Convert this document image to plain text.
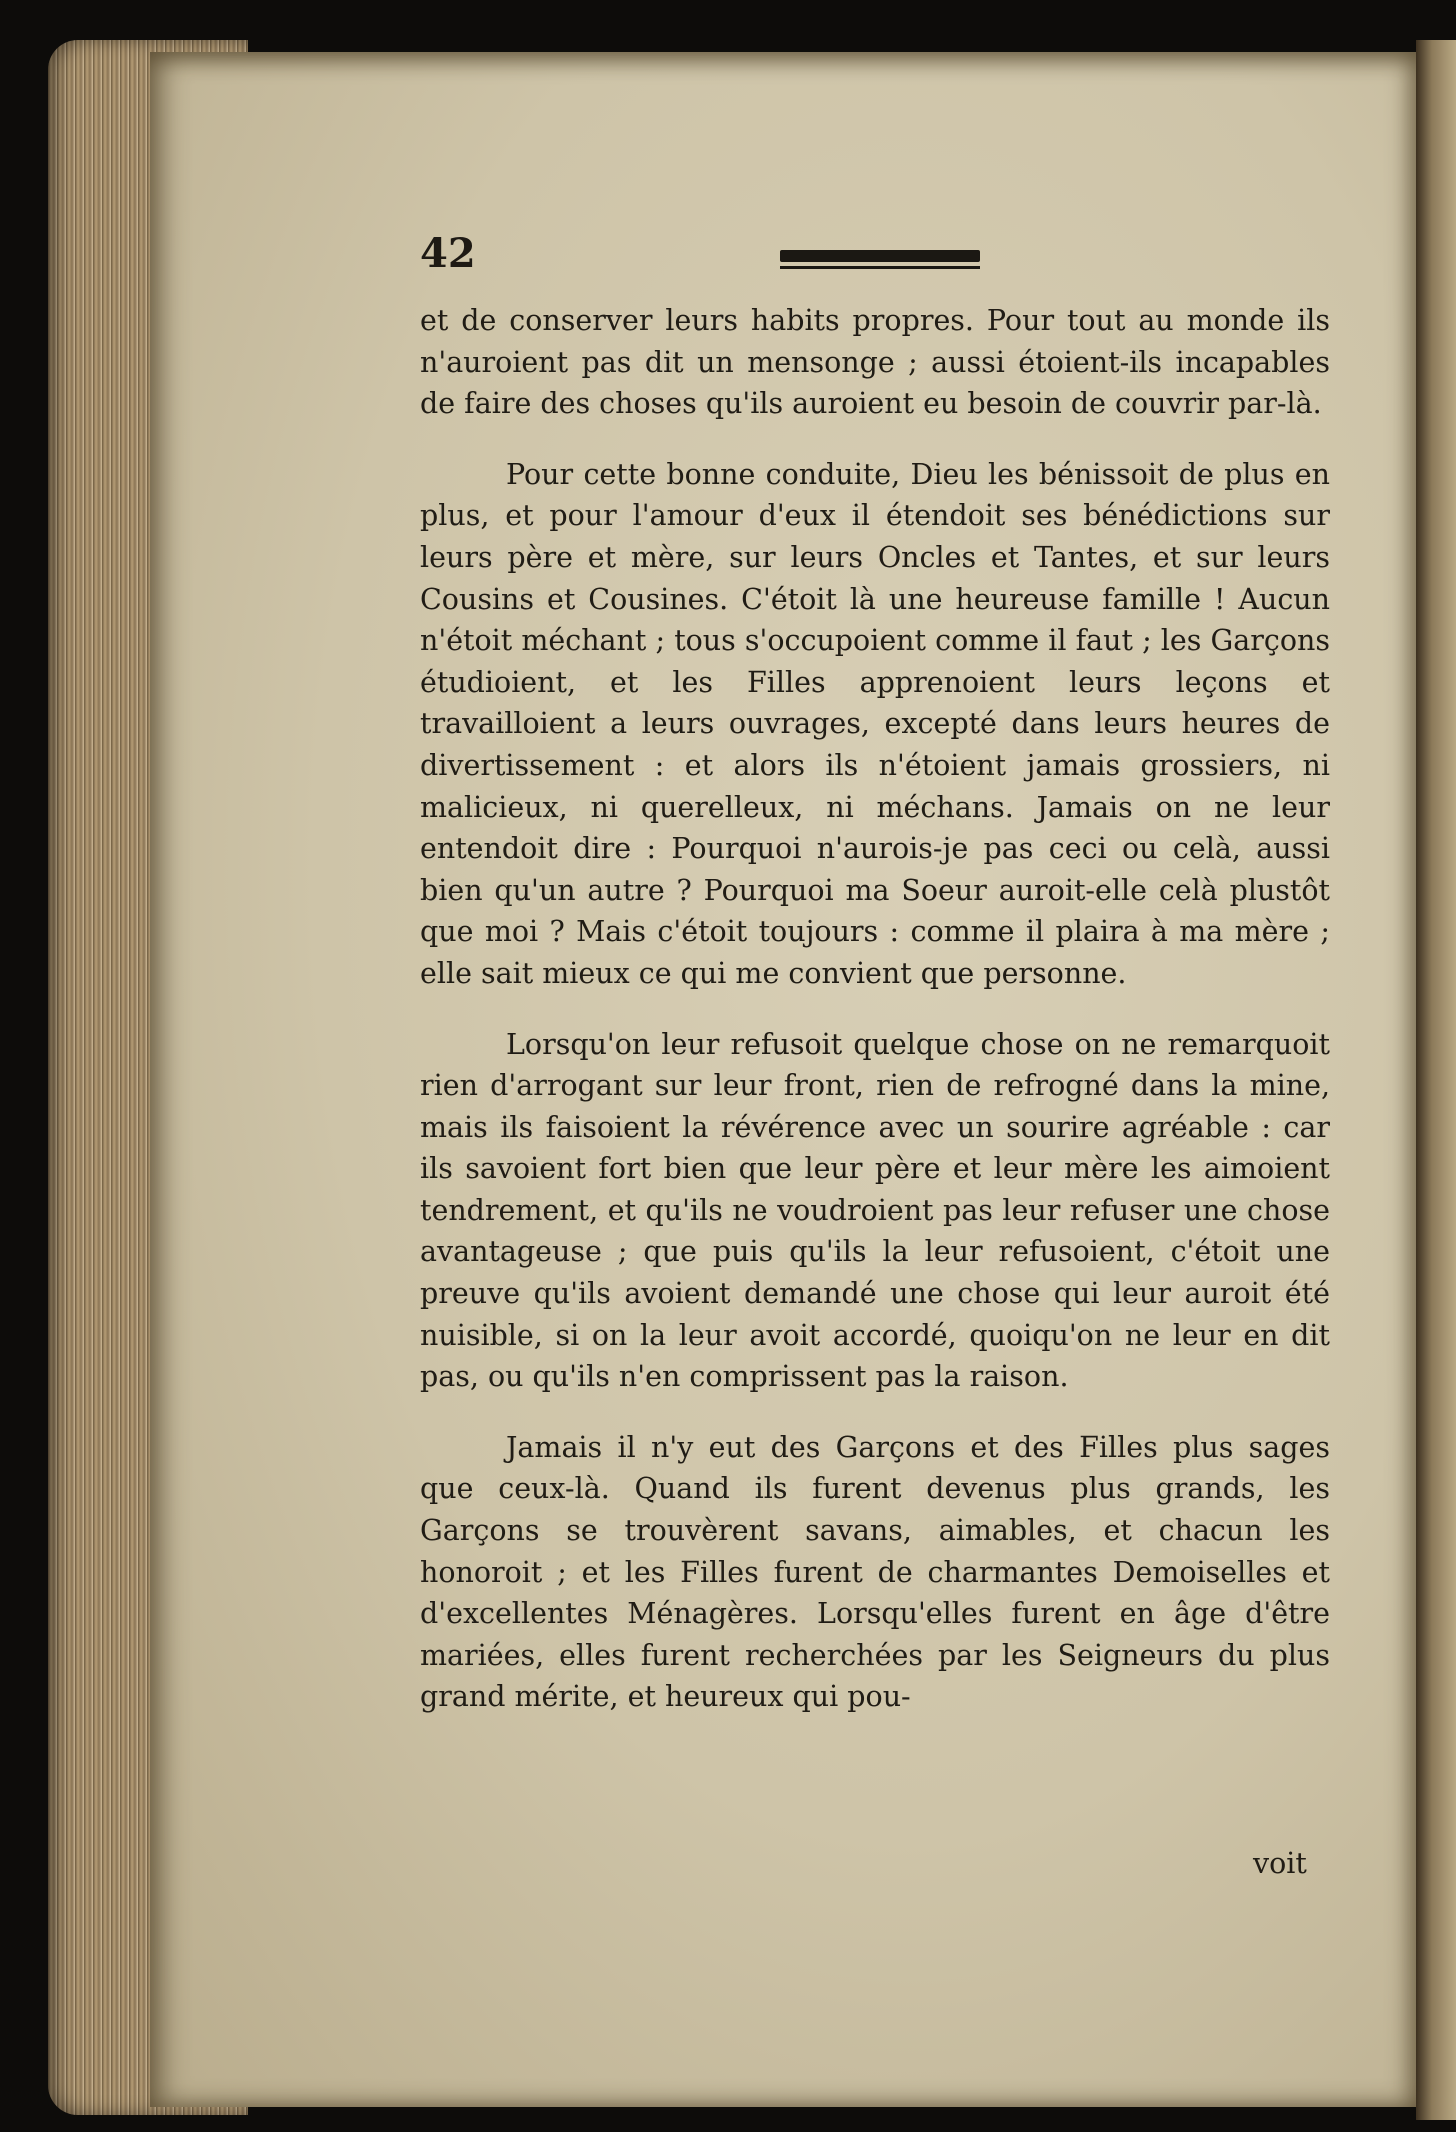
42

et de conserver leurs habits propres. Pour tout au monde ils n'auroient pas dit un mensonge ; aussi étoient-ils incapables de faire des choses qu'ils auroient eu besoin de couvrir par-là.

Pour cette bonne conduite, Dieu les bénissoit de plus en plus, et pour l'amour d'eux il étendoit ses bénédictions sur leurs père et mère, sur leurs Oncles et Tantes, et sur leurs Cousins et Cousines. C'étoit là une heureuse famille ! Aucun n'étoit méchant ; tous s'occupoient comme il faut ; les Garçons étudioient, et les Filles apprenoient leurs leçons et travailloient a leurs ouvrages, excepté dans leurs heures de divertissement : et alors ils n'étoient jamais grossiers, ni malicieux, ni querelleux, ni méchans. Jamais on ne leur entendoit dire : Pourquoi n'aurois-je pas ceci ou celà, aussi bien qu'un autre ? Pourquoi ma Soeur auroit-elle celà plustôt que moi ? Mais c'étoit toujours : comme il plaira à ma mère ; elle sait mieux ce qui me convient que personne.

Lorsqu'on leur refusoit quelque chose on ne remarquoit rien d'arrogant sur leur front, rien de refrogné dans la mine, mais ils faisoient la révérence avec un sourire agréable : car ils savoient fort bien que leur père et leur mère les aimoient tendrement, et qu'ils ne voudroient pas leur refuser une chose avantageuse ; que puis qu'ils la leur refusoient, c'étoit une preuve qu'ils avoient demandé une chose qui leur auroit été nuisible, si on la leur avoit accordé, quoiqu'on ne leur en dit pas, ou qu'ils n'en comprissent pas la raison.

Jamais il n'y eut des Garçons et des Filles plus sages que ceux-là. Quand ils furent devenus plus grands, les Garçons se trouvèrent savans, aimables, et chacun les honoroit ; et les Filles furent de charmantes Demoiselles et d'excellentes Ménagères. Lorsqu'elles furent en âge d'être mariées, elles furent recherchées par les Seigneurs du plus grand mérite, et heureux qui pou-

voit
